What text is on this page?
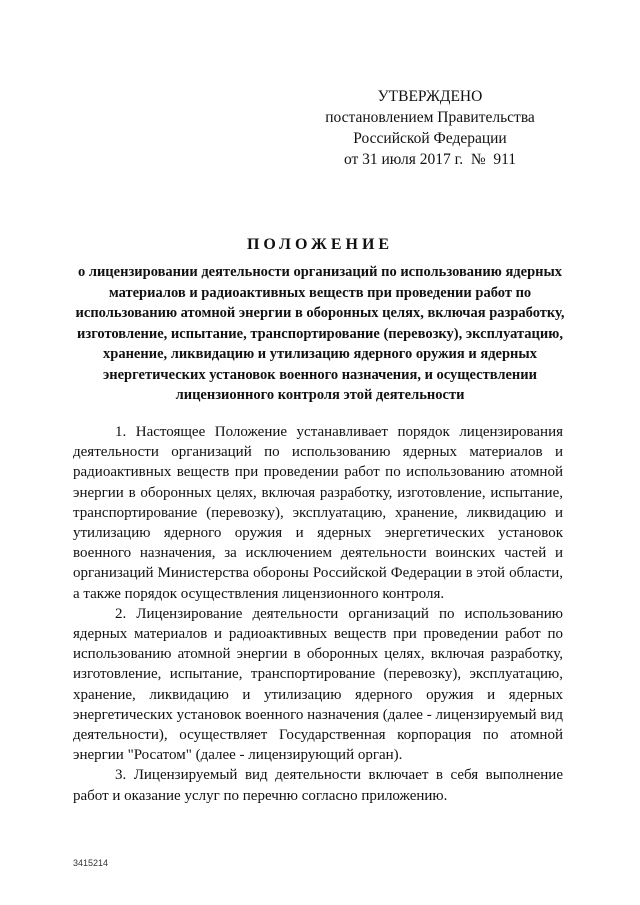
УТВЕРЖДЕНО
постановлением Правительства
Российской Федерации
от 31 июля 2017 г.  №  911
ПОЛОЖЕНИЕ
о лицензировании деятельности организаций по использованию ядерных материалов и радиоактивных веществ при проведении работ по использованию атомной энергии в оборонных целях, включая разработку, изготовление, испытание, транспортирование (перевозку), эксплуатацию, хранение, ликвидацию и утилизацию ядерного оружия и ядерных энергетических установок военного назначения, и осуществлении лицензионного контроля этой деятельности

1. Настоящее Положение устанавливает порядок лицензирования деятельности организаций по использованию ядерных материалов и радиоактивных веществ при проведении работ по использованию атомной энергии в оборонных целях, включая разработку, изготовление, испытание, транспортирование (перевозку), эксплуатацию, хранение, ликвидацию и утилизацию ядерного оружия и ядерных энергетических установок военного назначения, за исключением деятельности воинских частей и организаций Министерства обороны Российской Федерации в этой области, а также порядок осуществления лицензионного контроля.

2. Лицензирование деятельности организаций по использованию ядерных материалов и радиоактивных веществ при проведении работ по использованию атомной энергии в оборонных целях, включая разработку, изготовление, испытание, транспортирование (перевозку), эксплуатацию, хранение, ликвидацию и утилизацию ядерного оружия и ядерных энергетических установок военного назначения (далее - лицензируемый вид деятельности), осуществляет Государственная корпорация по атомной энергии "Росатом" (далее - лицензирующий орган).

3. Лицензируемый вид деятельности включает в себя выполнение работ и оказание услуг по перечню согласно приложению.

3415214
